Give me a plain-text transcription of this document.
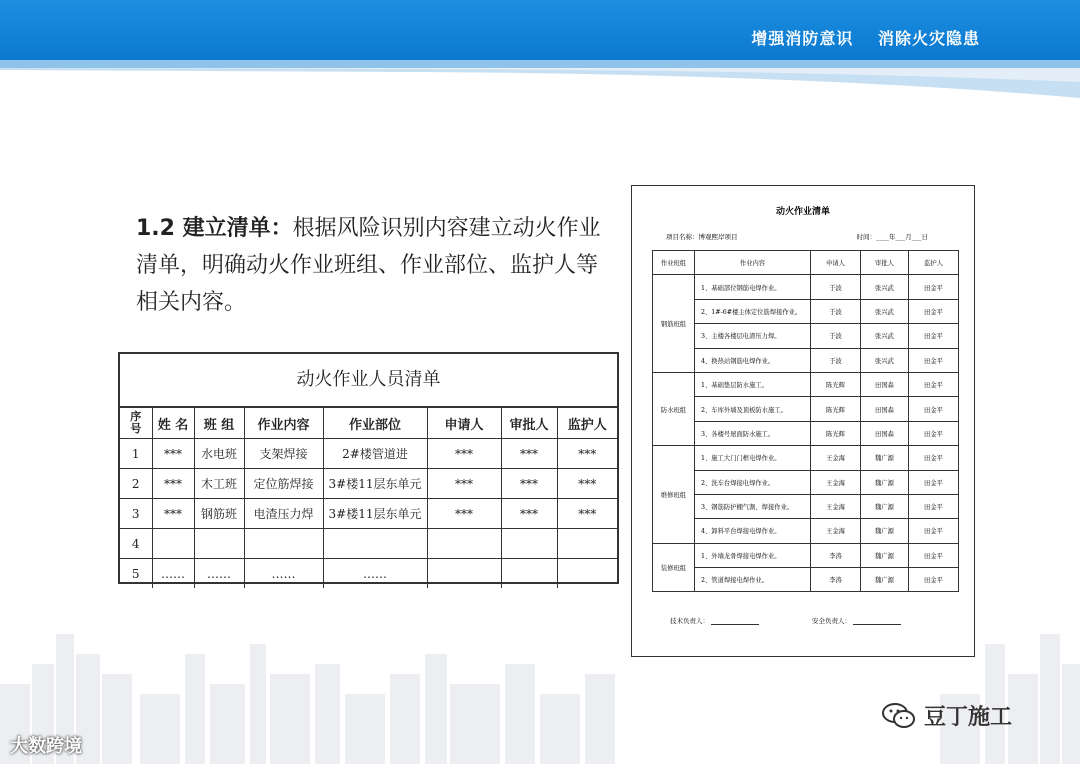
增强消防意识 消除火灾隐患
1.2 建立清单：根据风险识别内容建立动火作业清单，明确动火作业班组、作业部位、监护人等相关内容。
动火作业人员清单
序
号	姓 名	班 组	作业内容	作业部位	申请人	审批人	监护人
1	***	水电班	支架焊接	2#楼管道进	***	***	***
2	***	木工班	定位筋焊接	3#楼11层东单元	***	***	***
3	***	钢筋班	电渣压力焊	3#楼11层东单元	***	***	***
4							
5	……	……	……	……			
动火作业清单
项目名称：博观熙岸项目	时间：____年___月___日
作业班组	作业内容	申请人	审批人	监护人
钢筋班组	1、基础部位钢筋电焊作业。	于波	张兴武	田金平
	2、1#-6#楼主体定位筋焊接作业。	于波	张兴武	田金平
	3、主楼各楼层电渣压力焊。	于波	张兴武	田金平
	4、换热站钢筋电焊作业。	于波	张兴武	田金平
防水班组	1、基础垫层防水施工。	陈光辉	田国森	田金平
	2、车库外墙及顶板防水施工。	陈光辉	田国森	田金平
	3、各楼号屋面防水施工。	陈光辉	田国森	田金平
维修班组	1、施工大门门框电焊作业。	王金海	魏广源	田金平
	2、洗车台焊接电焊作业。	王金海	魏广源	田金平
	3、钢筋防护棚气割、焊接作业。	王金海	魏广源	田金平
	4、卸料平台焊接电焊作业。	王金海	魏广源	田金平
装修班组	1、外墙龙骨焊接电焊作业。	李涛	魏广源	田金平
	2、管道焊接电焊作业。	李涛	魏广源	田金平
技术负责人：	安全负责人：
大数跨境
豆丁施工
